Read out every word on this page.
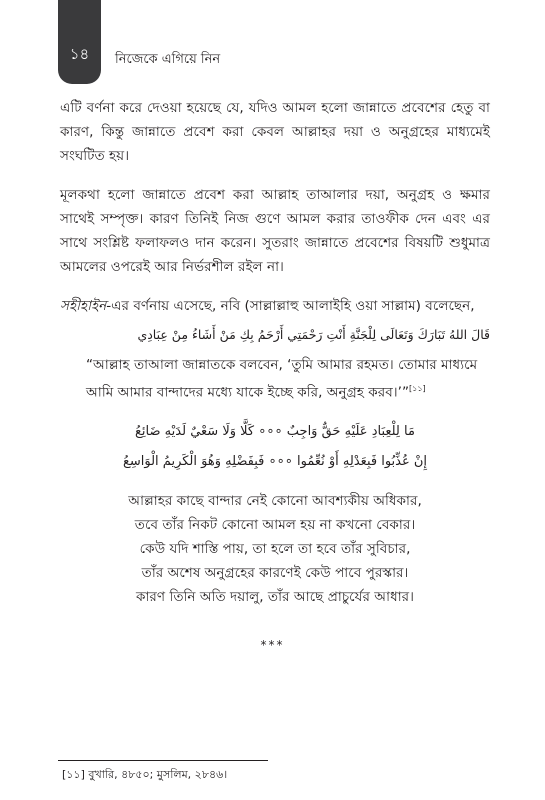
১৪ নিজেকে এগিয়ে নিন

এটি বর্ণনা করে দেওয়া হয়েছে যে, যদিও আমল হলো জান্নাতে প্রবেশের হেতু বা কারণ, কিন্তু জান্নাতে প্রবেশ করা কেবল আল্লাহর দয়া ও অনুগ্রহের মাধ্যমেই সংঘটিত হয়।

মূলকথা হলো জান্নাতে প্রবেশ করা আল্লাহ তাআলার দয়া, অনুগ্রহ ও ক্ষমার সাথেই সম্পৃক্ত। কারণ তিনিই নিজ গুণে আমল করার তাওফীক দেন এবং এর সাথে সংশ্লিষ্ট ফলাফলও দান করেন। সুতরাং জান্নাতে প্রবেশের বিষয়টি শুধুমাত্র আমলের ওপরেই আর নির্ভরশীল রইল না।

সহীহাইন-এর বর্ণনায় এসেছে, নবি (সাল্লাল্লাহু আলাইহি ওয়া সাল্লাম) বলেছেন,

قَالَ اللهُ تَبَارَكَ وَتَعَالَى لِلْجَنَّةِ أَنْتِ رَحْمَتِي أَرْحَمُ بِكِ مَنْ أَشَاءُ مِنْ عِبَادِي

“আল্লাহ তাআলা জান্নাতকে বলবেন, ‘তুমি আমার রহমত। তোমার মাধ্যমে আমি আমার বান্দাদের মধ্যে যাকে ইচ্ছে করি, অনুগ্রহ করব।’”[১১]

مَا لِلْعِبَادِ عَلَيْهِ حَقٌّ وَاجِبٌ ∘∘∘ كَلَّا وَلَا سَعْيٌ لَدَيْهِ ضَائِعُ

إِنْ عُذِّبُوا فَبِعَدْلِهِ أَوْ نُعِّمُوا ∘∘∘ فَبِفَضْلِهِ وَهُوَ الْكَرِيمُ الْوَاسِعُ

আল্লাহর কাছে বান্দার নেই কোনো আবশ্যকীয় অধিকার,

তবে তাঁর নিকট কোনো আমল হয় না কখনো বেকার।

কেউ যদি শাস্তি পায়, তা হলে তা হবে তাঁর সুবিচার,

তাঁর অশেষ অনুগ্রহের কারণেই কেউ পাবে পুরস্কার।

কারণ তিনি অতি দয়ালু, তাঁর আছে প্রাচুর্যের আধার।

***
[১১] বুখারি, ৪৮৫০; মুসলিম, ২৮৪৬।
